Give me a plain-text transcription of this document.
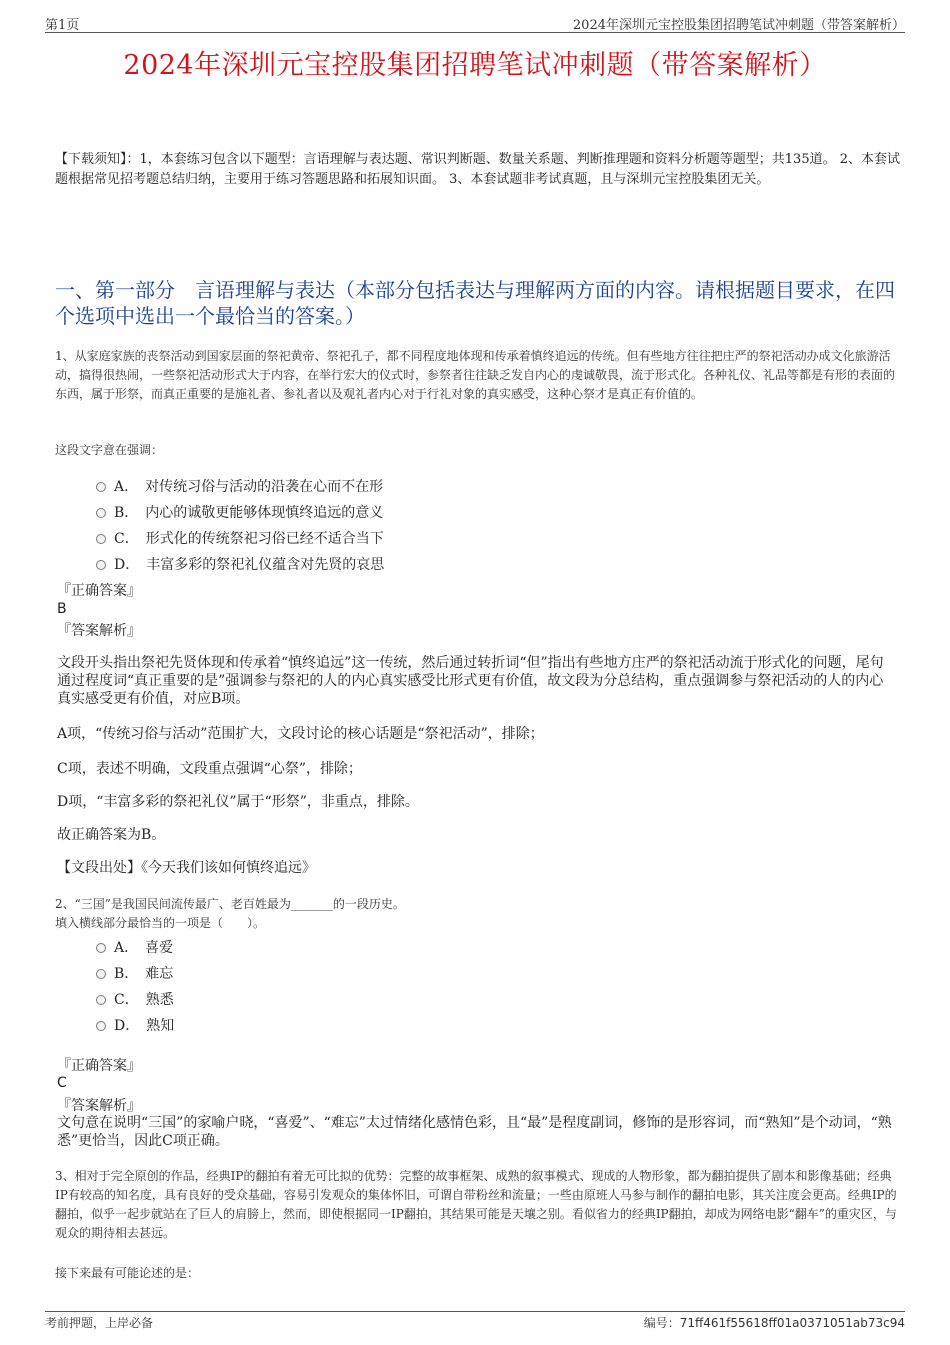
第1页	2024年深圳元宝控股集团招聘笔试冲刺题（带答案解析）
2024年深圳元宝控股集团招聘笔试冲刺题（带答案解析）
【下载须知】：1，本套练习包含以下题型：言语理解与表达题、常识判断题、数量关系题、判断推理题和资料分析题等题型；共135道。 2、本套试题根据常见招考题总结归纳，主要用于练习答题思路和拓展知识面。 3、本套试题非考试真题，且与深圳元宝控股集团无关。
一、第一部分　言语理解与表达（本部分包括表达与理解两方面的内容。请根据题目要求，在四个选项中选出一个最恰当的答案。）
1、从家庭家族的丧祭活动到国家层面的祭祀黄帝、祭祀孔子，都不同程度地体现和传承着慎终追远的传统。但有些地方往往把庄严的祭祀活动办成文化旅游活动，搞得很热闹，一些祭祀活动形式大于内容，在举行宏大的仪式时，参祭者往往缺乏发自内心的虔诚敬畏，流于形式化。各种礼仪、礼品等都是有形的表面的东西，属于形祭，而真正重要的是施礼者、参礼者以及观礼者内心对于行礼对象的真实感受，这种心祭才是真正有价值的。
这段文字意在强调：
A．　对传统习俗与活动的沿袭在心而不在形
B．　内心的诚敬更能够体现慎终追远的意义
C．　形式化的传统祭祀习俗已经不适合当下
D．　丰富多彩的祭祀礼仪蕴含对先贤的哀思
『正确答案』
B
『答案解析』
文段开头指出祭祀先贤体现和传承着“慎终追远”这一传统，然后通过转折词“但”指出有些地方庄严的祭祀活动流于形式化的问题，尾句通过程度词“真正重要的是”强调参与祭祀的人的内心真实感受比形式更有价值，故文段为分总结构，重点强调参与祭祀活动的人的内心真实感受更有价值，对应B项。
A项，“传统习俗与活动”范围扩大，文段讨论的核心话题是“祭祀活动”，排除；
C项，表述不明确，文段重点强调“心祭”，排除；
D项，“丰富多彩的祭祀礼仪”属于“形祭”，非重点，排除。
故正确答案为B。
【文段出处】《今天我们该如何慎终追远》
2、“三国”是我国民间流传最广、老百姓最为_______的一段历史。
填入横线部分最恰当的一项是（　　）。
A．　喜爱
B．　难忘
C．　熟悉
D．　熟知
『正确答案』
C
『答案解析』
文句意在说明“三国”的家喻户晓，“喜爱”、“难忘”太过情绪化感情色彩，且“最”是程度副词，修饰的是形容词，而“熟知”是个动词，“熟悉”更恰当，因此C项正确。
3、相对于完全原创的作品，经典IP的翻拍有着无可比拟的优势：完整的故事框架、成熟的叙事模式、现成的人物形象，都为翻拍提供了剧本和影像基础；经典IP有较高的知名度，具有良好的受众基础，容易引发观众的集体怀旧，可谓自带粉丝和流量；一些由原班人马参与制作的翻拍电影，其关注度会更高。经典IP的翻拍，似乎一起步就站在了巨人的肩膀上，然而，即使根据同一IP翻拍，其结果可能是天壤之别。看似省力的经典IP翻拍，却成为网络电影“翻车”的重灾区，与观众的期待相去甚远。
接下来最有可能论述的是：
考前押题，上岸必备	编号：71ff461f55618ff01a0371051ab73c94
